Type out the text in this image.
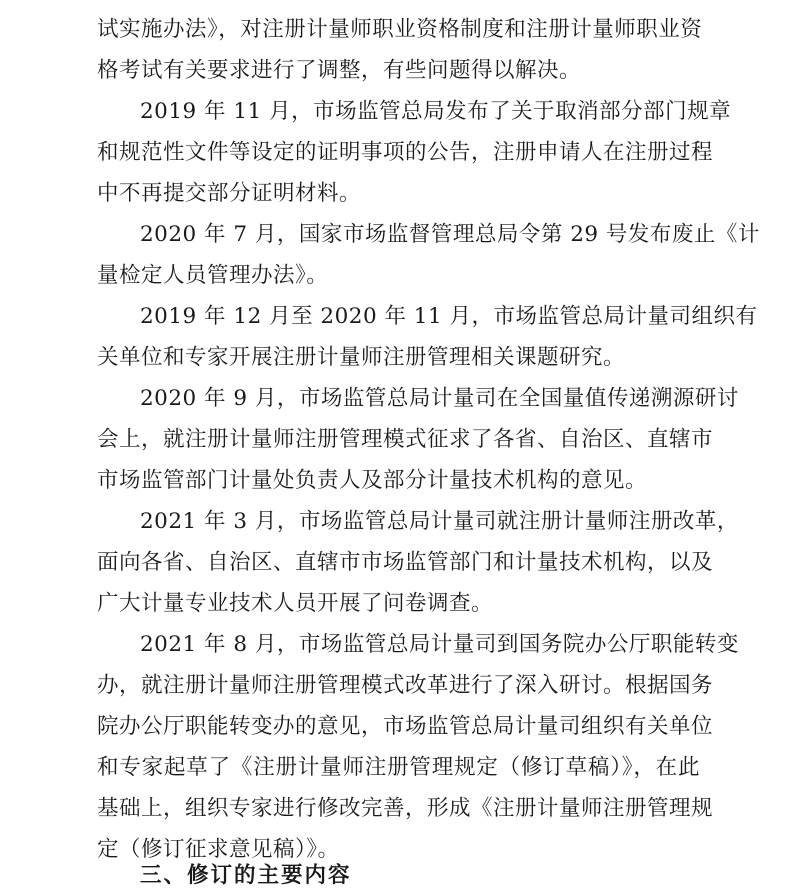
试实施办法》，对注册计量师职业资格制度和注册计量师职业资
格考试有关要求进行了调整，有些问题得以解决。
2019 年 11 月，市场监管总局发布了关于取消部分部门规章
和规范性文件等设定的证明事项的公告，注册申请人在注册过程
中不再提交部分证明材料。
2020 年 7 月，国家市场监督管理总局令第 29 号发布废止《计
量检定人员管理办法》。
2019 年 12 月至 2020 年 11 月，市场监管总局计量司组织有
关单位和专家开展注册计量师注册管理相关课题研究。
2020 年 9 月，市场监管总局计量司在全国量值传递溯源研讨
会上，就注册计量师注册管理模式征求了各省、自治区、直辖市
市场监管部门计量处负责人及部分计量技术机构的意见。
2021 年 3 月，市场监管总局计量司就注册计量师注册改革，
面向各省、自治区、直辖市市场监管部门和计量技术机构，以及
广大计量专业技术人员开展了问卷调查。
2021 年 8 月，市场监管总局计量司到国务院办公厅职能转变
办，就注册计量师注册管理模式改革进行了深入研讨。根据国务
院办公厅职能转变办的意见，市场监管总局计量司组织有关单位
和专家起草了《注册计量师注册管理规定（修订草稿）》，在此
基础上，组织专家进行修改完善，形成《注册计量师注册管理规
定（修订征求意见稿）》。
三、修订的主要内容
